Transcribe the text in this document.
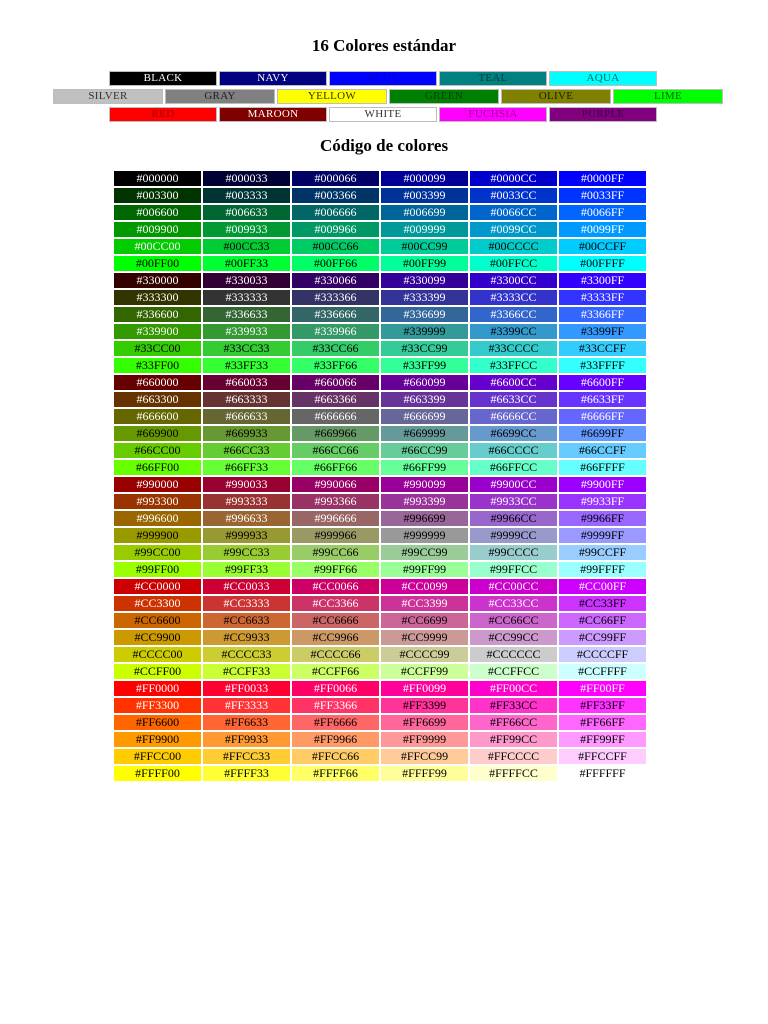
16 Colores estándar
BLACK	NAVY	BLUE	TEAL	AQUA
SILVER	GRAY	YELLOW	GREEN	OLIVE	LIME
RED	MAROON	WHITE	FUCHSIA	PURPLE
Código de colores
#000000	#000033	#000066	#000099	#0000CC	#0000FF
#003300	#003333	#003366	#003399	#0033CC	#0033FF
#006600	#006633	#006666	#006699	#0066CC	#0066FF
#009900	#009933	#009966	#009999	#0099CC	#0099FF
#00CC00	#00CC33	#00CC66	#00CC99	#00CCCC	#00CCFF
#00FF00	#00FF33	#00FF66	#00FF99	#00FFCC	#00FFFF
#330000	#330033	#330066	#330099	#3300CC	#3300FF
#333300	#333333	#333366	#333399	#3333CC	#3333FF
#336600	#336633	#336666	#336699	#3366CC	#3366FF
#339900	#339933	#339966	#339999	#3399CC	#3399FF
#33CC00	#33CC33	#33CC66	#33CC99	#33CCCC	#33CCFF
#33FF00	#33FF33	#33FF66	#33FF99	#33FFCC	#33FFFF
#660000	#660033	#660066	#660099	#6600CC	#6600FF
#663300	#663333	#663366	#663399	#6633CC	#6633FF
#666600	#666633	#666666	#666699	#6666CC	#6666FF
#669900	#669933	#669966	#669999	#6699CC	#6699FF
#66CC00	#66CC33	#66CC66	#66CC99	#66CCCC	#66CCFF
#66FF00	#66FF33	#66FF66	#66FF99	#66FFCC	#66FFFF
#990000	#990033	#990066	#990099	#9900CC	#9900FF
#993300	#993333	#993366	#993399	#9933CC	#9933FF
#996600	#996633	#996666	#996699	#9966CC	#9966FF
#999900	#999933	#999966	#999999	#9999CC	#9999FF
#99CC00	#99CC33	#99CC66	#99CC99	#99CCCC	#99CCFF
#99FF00	#99FF33	#99FF66	#99FF99	#99FFCC	#99FFFF
#CC0000	#CC0033	#CC0066	#CC0099	#CC00CC	#CC00FF
#CC3300	#CC3333	#CC3366	#CC3399	#CC33CC	#CC33FF
#CC6600	#CC6633	#CC6666	#CC6699	#CC66CC	#CC66FF
#CC9900	#CC9933	#CC9966	#CC9999	#CC99CC	#CC99FF
#CCCC00	#CCCC33	#CCCC66	#CCCC99	#CCCCCC	#CCCCFF
#CCFF00	#CCFF33	#CCFF66	#CCFF99	#CCFFCC	#CCFFFF
#FF0000	#FF0033	#FF0066	#FF0099	#FF00CC	#FF00FF
#FF3300	#FF3333	#FF3366	#FF3399	#FF33CC	#FF33FF
#FF6600	#FF6633	#FF6666	#FF6699	#FF66CC	#FF66FF
#FF9900	#FF9933	#FF9966	#FF9999	#FF99CC	#FF99FF
#FFCC00	#FFCC33	#FFCC66	#FFCC99	#FFCCCC	#FFCCFF
#FFFF00	#FFFF33	#FFFF66	#FFFF99	#FFFFCC	#FFFFFF
